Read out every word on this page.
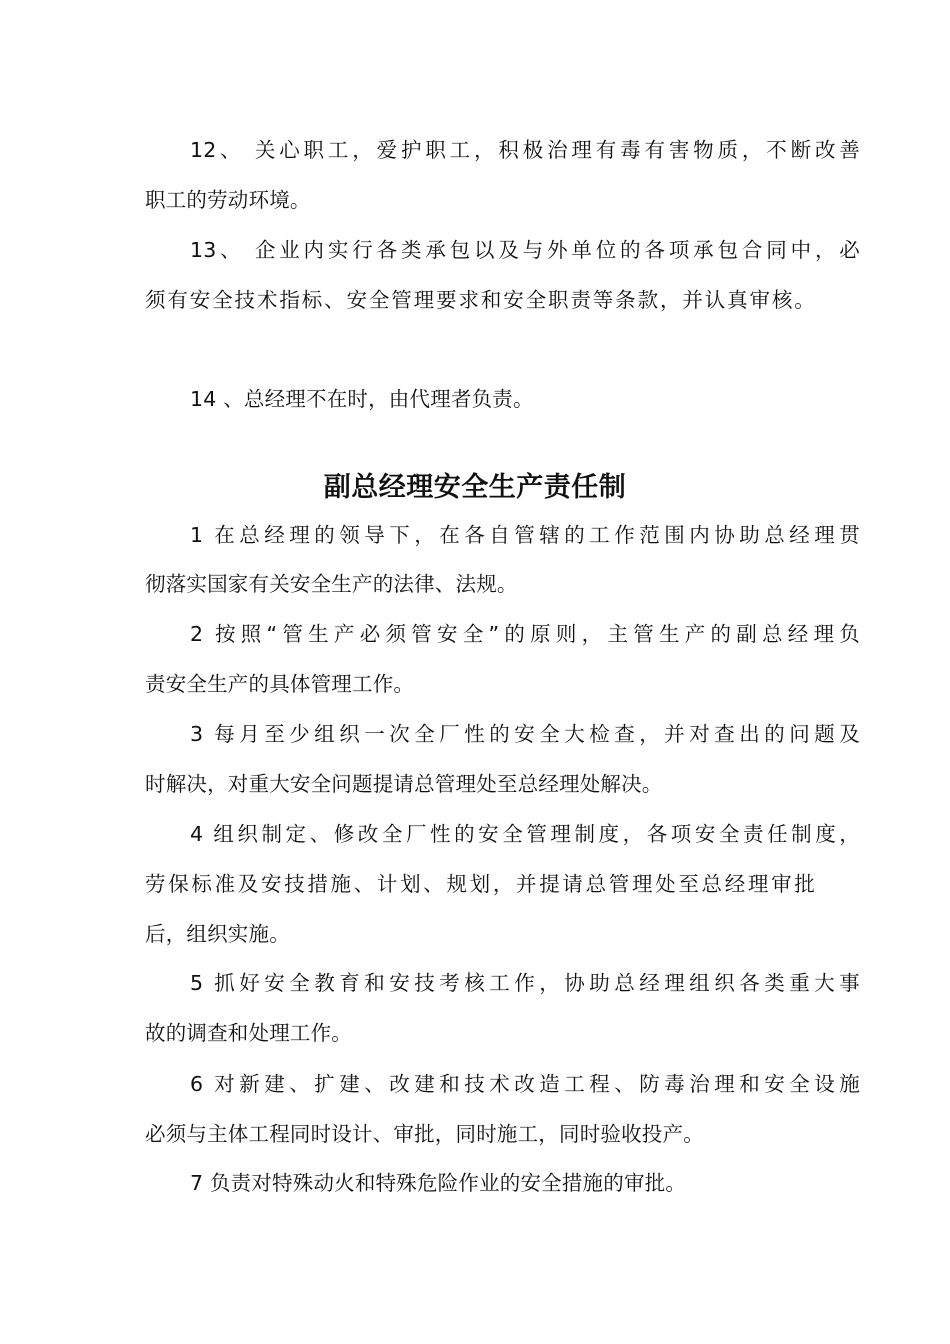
12、 关心职工，爱护职工，积极治理有毒有害物质，不断改善
职工的劳动环境。
13、 企业内实行各类承包以及与外单位的各项承包合同中，必
须有安全技术指标、安全管理要求和安全职责等条款，并认真审核。
14 、总经理不在时，由代理者负责。
副总经理安全生产责任制
1 在总经理的领导下，在各自管辖的工作范围内协助总经理贯
彻落实国家有关安全生产的法律、法规。
2 按照“管生产必须管安全”的原则，主管生产的副总经理负
责安全生产的具体管理工作。
3 每月至少组织一次全厂性的安全大检查，并对查出的问题及
时解决，对重大安全问题提请总管理处至总经理处解决。
4 组织制定、修改全厂性的安全管理制度，各项安全责任制度，
劳保标准及安技措施、计划、规划，并提请总管理处至总经理审批
后，组织实施。
5 抓好安全教育和安技考核工作，协助总经理组织各类重大事
故的调查和处理工作。
6 对新建、扩建、改建和技术改造工程、防毒治理和安全设施
必须与主体工程同时设计、审批，同时施工，同时验收投产。
7 负责对特殊动火和特殊危险作业的安全措施的审批。
